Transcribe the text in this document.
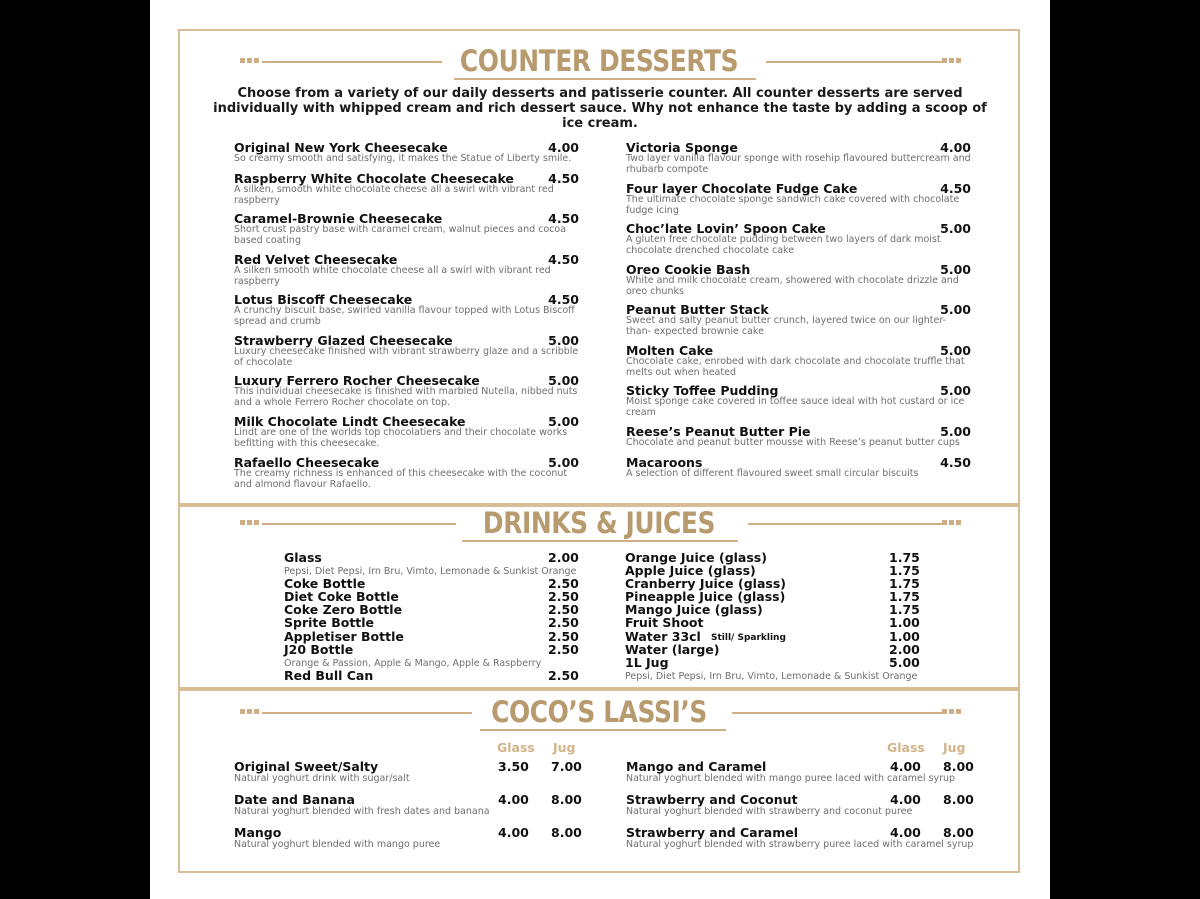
COUNTER DESSERTS
Choose from a variety of our daily desserts and patisserie counter. All counter desserts are served individually with whipped cream and rich dessert sauce. Why not enhance the taste by adding a scoop of ice cream.
DRINKS & JUICES
COCO’S LASSI’S
Glass Jug	Glass Jug
Original New York Cheesecake	4.00
So creamy smooth and satisfying, it makes the Statue of Liberty smile.
Raspberry White Chocolate Cheesecake	4.50
A silken, smooth white chocolate cheese all a swirl with vibrant red raspberry
Caramel-Brownie Cheesecake	4.50
Short crust pastry base with caramel cream, walnut pieces and cocoa based coating
Red Velvet Cheesecake	4.50
A silken smooth white chocolate cheese all a swirl with vibrant red raspberry
Lotus Biscoff Cheesecake	4.50
A crunchy biscuit base, swirled vanilla flavour topped with Lotus Biscoff spread and crumb
Strawberry Glazed Cheesecake	5.00
Luxury cheesecake finished with vibrant strawberry glaze and a scribble of chocolate
Luxury Ferrero Rocher Cheesecake	5.00
This individual cheesecake is finished with marbled Nutella, nibbed nuts and a whole Ferrero Rocher chocolate on top.
Milk Chocolate Lindt Cheesecake	5.00
Lindt are one of the worlds top chocolatiers and their chocolate works befitting with this cheesecake.
Rafaello Cheesecake	5.00
The creamy richness is enhanced of this cheesecake with the coconut and almond flavour Rafaello.
Victoria Sponge	4.00
Two layer vanilla flavour sponge with rosehip flavoured buttercream and rhubarb compote
Four layer Chocolate Fudge Cake	4.50
The ultimate chocolate sponge sandwich cake covered with chocolate fudge icing
Choc’late Lovin’ Spoon Cake	5.00
A gluten free chocolate pudding between two layers of dark moist chocolate drenched chocolate cake
Oreo Cookie Bash	5.00
White and milk chocolate cream, showered with chocolate drizzle and oreo chunks
Peanut Butter Stack	5.00
Sweet and salty peanut butter crunch, layered twice on our lighter-than- expected brownie cake
Molten Cake	5.00
Chocolate cake, enrobed with dark chocolate and chocolate truffle that melts out when heated
Sticky Toffee Pudding	5.00
Moist sponge cake covered in toffee sauce ideal with hot custard or ice cream
Reese’s Peanut Butter Pie	5.00
Chocolate and peanut butter mousse with Reese’s peanut butter cups
Macaroons	4.50
A selection of different flavoured sweet small circular biscuits
Glass	2.00
Coke Bottle	2.50
Diet Coke Bottle	2.50
Coke Zero Bottle	2.50
Sprite Bottle	2.50
Appletiser Bottle	2.50
J20 Bottle	2.50
Red Bull Can	2.50
Pepsi, Diet Pepsi, Irn Bru, Vimto, Lemonade & Sunkist Orange
Orange & Passion, Apple & Mango, Apple & Raspberry
Orange Juice (glass)	1.75
Apple Juice (glass)	1.75
Cranberry Juice (glass)	1.75
Pineapple Juice (glass)	1.75
Mango Juice (glass)	1.75
Fruit Shoot	1.00
Water 33cl	1.00
Water (large)	2.00
1L Jug	5.00
Still/ Sparkling
Pepsi, Diet Pepsi, Irn Bru, Vimto, Lemonade & Sunkist Orange
Original Sweet/Salty	3.50 7.00
Natural yoghurt drink with sugar/salt
Date and Banana	4.00 8.00
Natural yoghurt blended with fresh dates and banana
Mango	4.00 8.00
Natural yoghurt blended with mango puree
Mango and Caramel	4.00 8.00
Natural yoghurt blended with mango puree laced with caramel syrup
Strawberry and Coconut	4.00 8.00
Natural yoghurt blended with strawberry and coconut puree
Strawberry and Caramel	4.00 8.00
Natural yoghurt blended with strawberry puree laced with caramel syrup
